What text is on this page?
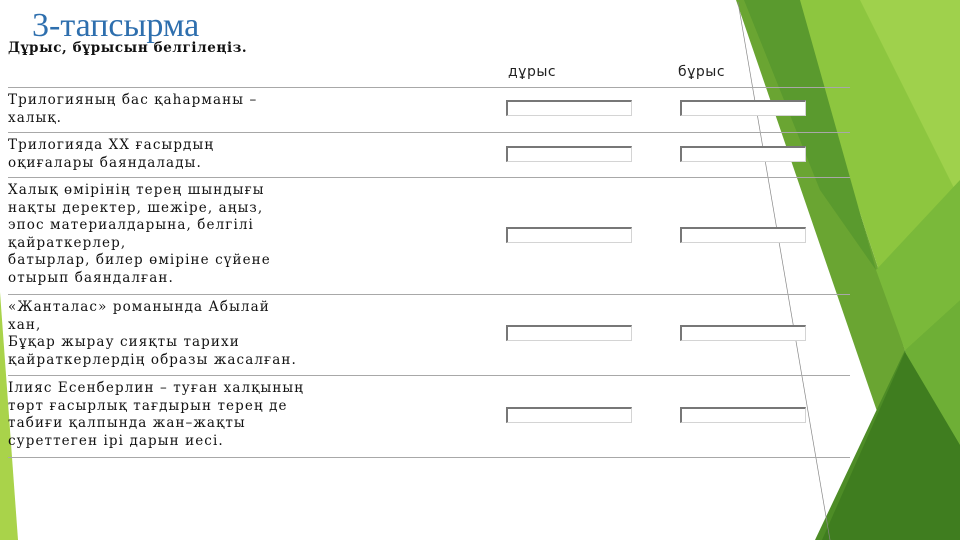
3-тапсырма
Дұрыс, бұрысын белгілеңіз.
дұрыс	бұрыс
Трилогияның бас қаһарманы –
халық.
Трилогияда ХХ ғасырдың
оқиғалары баяндалады.
Халық өмірінің терең шындығы
нақты деректер, шежіре, аңыз,
эпос материалдарына, белгілі
қайраткерлер,
батырлар, билер өміріне сүйене
отырып баяндалған.
«Жанталас» романында Абылай
хан,
Бұқар жырау сияқты тарихи
қайраткерлердің образы жасалған.
Ілияс Есенберлин – туған халқының
төрт ғасырлық тағдырын терең де
табиғи қалпында жан–жақты
суреттеген ірі дарын иесі.
